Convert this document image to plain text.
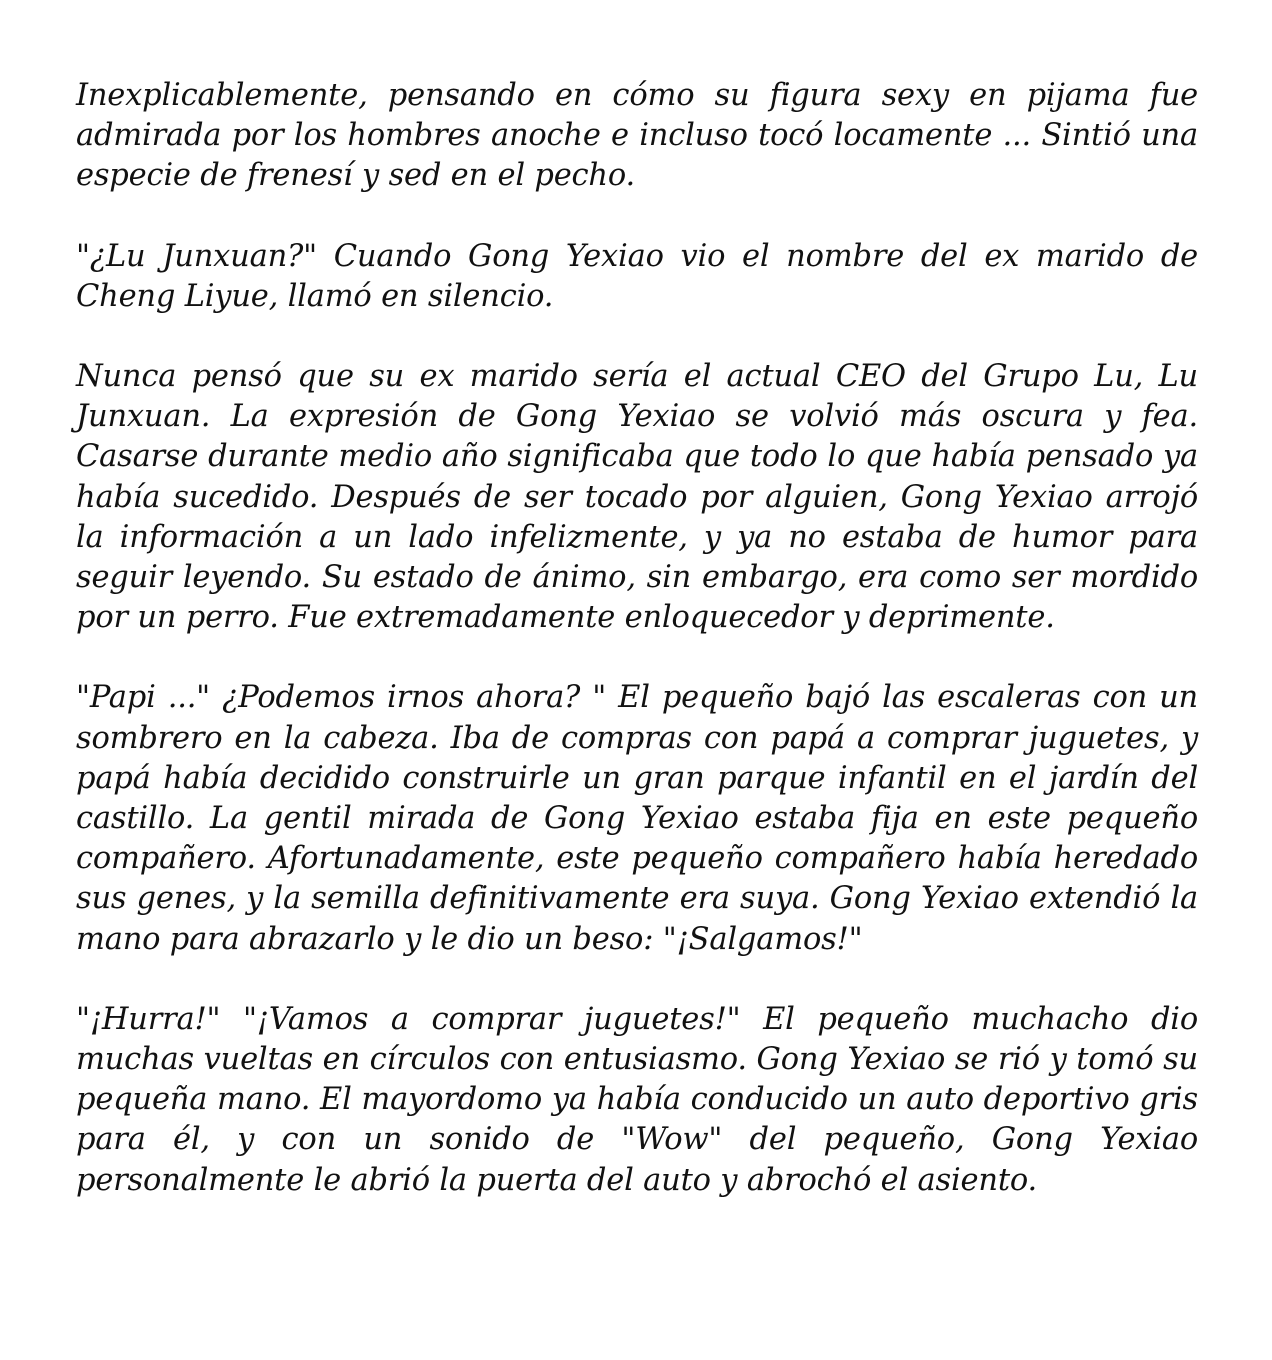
Inexplicablemente, pensando en cómo su figura sexy en pijama fue admirada por los hombres anoche e incluso tocó locamente ... Sintió una especie de frenesí y sed en el pecho.

"¿Lu Junxuan?" Cuando Gong Yexiao vio el nombre del ex marido de Cheng Liyue, llamó en silencio.

Nunca pensó que su ex marido sería el actual CEO del Grupo Lu, Lu Junxuan. La expresión de Gong Yexiao se volvió más oscura y fea. Casarse durante medio año significaba que todo lo que había pensado ya había sucedido. Después de ser tocado por alguien, Gong Yexiao arrojó la información a un lado infelizmente, y ya no estaba de humor para seguir leyendo. Su estado de ánimo, sin embargo, era como ser mordido por un perro. Fue extremadamente enloquecedor y deprimente.

"Papi ..." ¿Podemos irnos ahora? " El pequeño bajó las escaleras con un sombrero en la cabeza. Iba de compras con papá a comprar juguetes, y papá había decidido construirle un gran parque infantil en el jardín del castillo. La gentil mirada de Gong Yexiao estaba fija en este pequeño compañero. Afortunadamente, este pequeño compañero había heredado sus genes, y la semilla definitivamente era suya. Gong Yexiao extendió la mano para abrazarlo y le dio un beso: "¡Salgamos!"

"¡Hurra!" "¡Vamos a comprar juguetes!" El pequeño muchacho dio muchas vueltas en círculos con entusiasmo. Gong Yexiao se rió y tomó su pequeña mano. El mayordomo ya había conducido un auto deportivo gris para él, y con un sonido de "Wow" del pequeño, Gong Yexiao personalmente le abrió la puerta del auto y abrochó el asiento.
